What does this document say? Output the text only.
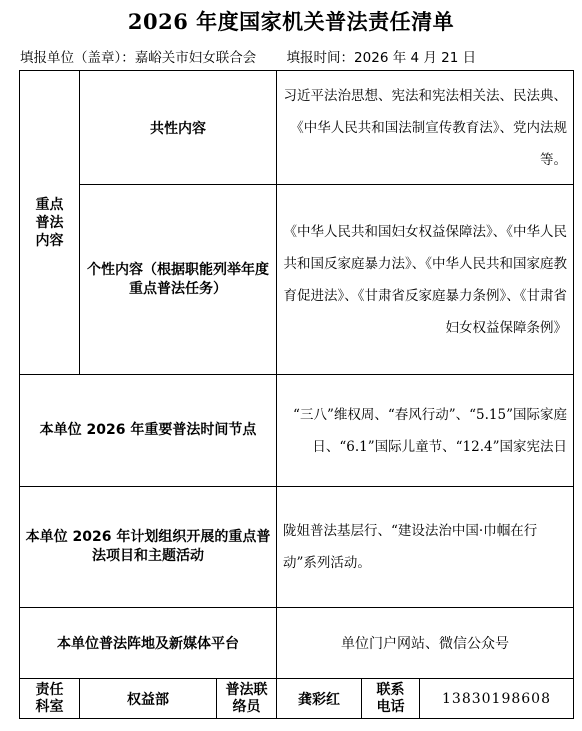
2026 年度国家机关普法责任清单
填报单位（盖章）：嘉峪关市妇女联合会 填报时间：2026 年 4 月 21 日
重点普法内容	共性内容		习近平法治思想、宪法和宪法相关法、民法典、《中华人民共和国法制宣传教育法》、党内法规等。		

	个性内容（根据职能列举年度重点普法任务）		《中华人民共和国妇女权益保障法》、《中华人民共和国反家庭暴力法》、《中华人民共和国家庭教育促进法》、《甘肃省反家庭暴力条例》、《甘肃省妇女权益保障条例》		

本单位 2026 年重要普法时间节点			“三八”维权周、“春风行动”、“5.15”国际家庭日、“6.1”国际儿童节、“12.4”国家宪法日		

本单位 2026 年计划组织开展的重点普法项目和主题活动			陇姐普法基层行、“建设法治中国·巾帼在行动”系列活动。		

本单位普法阵地及新媒体平台			单位门户网站、微信公众号		

责任科室	权益部	普法联络员	龚彩红	联系电话	13830198608
